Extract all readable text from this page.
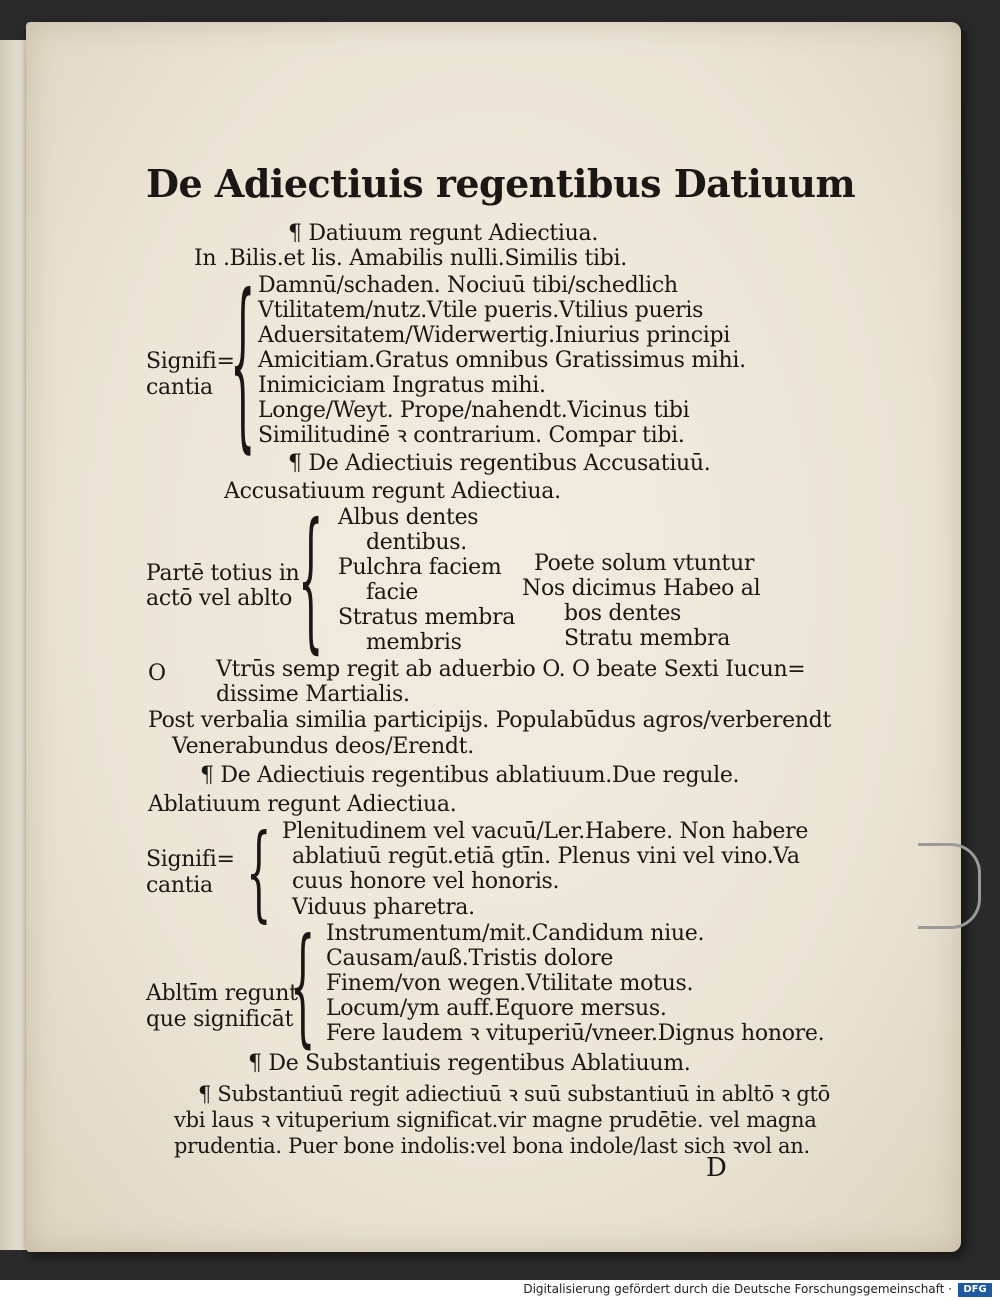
De Adiectiuis regentibus Datiuum
¶ Datiuum regunt Adiectiua.
In .Bilis.et lis. Amabilis nulli.Similis tibi.
Signifi=
cantia { Damnū/schaden. Nociuū tibi/schedlich
Vtilitatem/nutz.Vtile pueris.Vtilius pueris
Aduersitatem/Widerwertig.Iniurius principi
Amicitiam.Gratus omnibus Gratissimus mihi.
Inimiciciam Ingratus mihi.
Longe/Weyt. Prope/nahendt.Vicinus tibi
Similitudinē ꝛ contrarium. Compar tibi.
¶ De Adiectiuis regentibus Accusatiuū.
Accusatiuum regunt Adiectiua.
Partē totius in
actō vel ablto { Albus dentes
dentibus.
Pulchra faciem
facie
Stratus membra
membris
Poete solum vtuntur
Nos dicimus Habeo al
bos dentes
Stratu membra
O Vtrūs semp regit ab aduerbio O. O beate Sexti Iucun=
dissime Martialis.
Post verbalia similia participijs. Populabūdus agros/verberendt
Venerabundus deos/Erendt.
¶ De Adiectiuis regentibus ablatiuum.Due regule.
Ablatiuum regunt Adiectiua.
Signifi=
cantia { Plenitudinem vel vacuū/Ler.Habere. Non habere
ablatiuū regūt.etiā gtīn. Plenus vini vel vino.Va
cuus honore vel honoris.
Viduus pharetra.
Abltīm regunt
que significāt
{ Instrumentum/mit.Candidum niue.
Causam/auß.Tristis dolore
Finem/von wegen.Vtilitate motus.
Locum/ym auff.Equore mersus.
Fere laudem ꝛ vituperiū/vneer.Dignus honore.
¶ De Substantiuis regentibus Ablatiuum.
¶ Substantiuū regit adiectiuū ꝛ suū substantiuū in abltō ꝛ gtō
vbi laus ꝛ vituperium significat.vir magne prudētie. vel magna
prudentia. Puer bone indolis:vel bona indole/last sich ꝛvol an.
D
Digitalisierung gefördert durch die Deutsche Forschungsgemeinschaft ·	DFG
